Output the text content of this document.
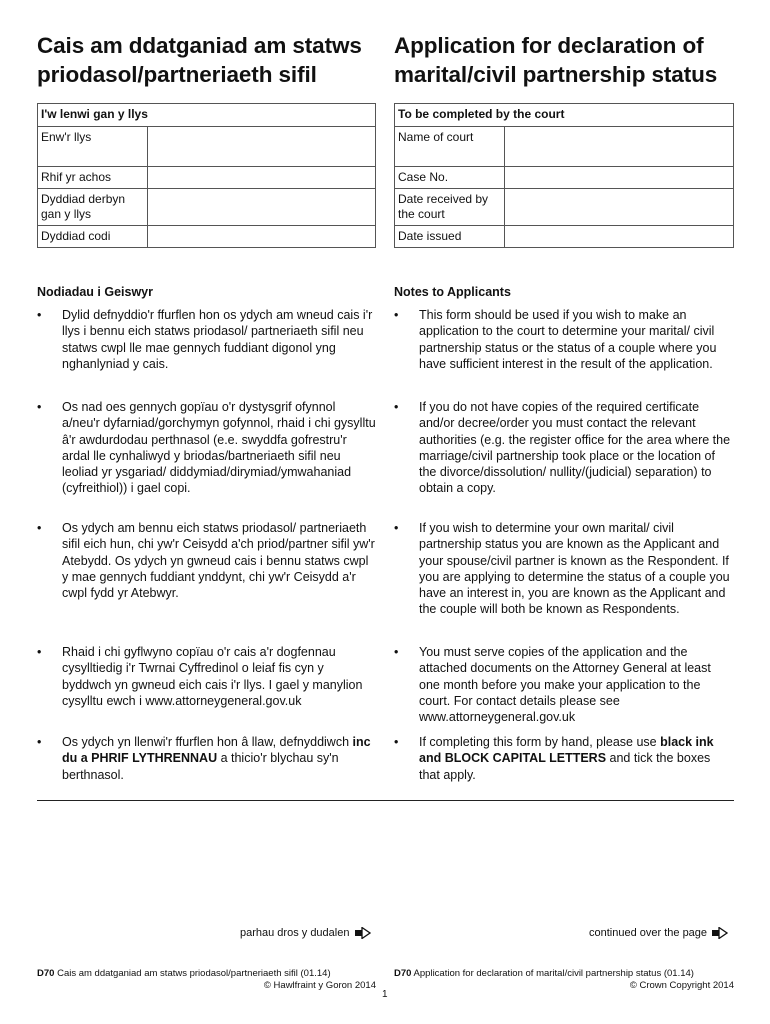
Cais am ddatganiad am statws
priodasol/partneriaeth sifil
I'w lenwi gan y llys	
Enw'r llys	
Rhif yr achos	
Dyddiad derbyn gan y llys	
Dyddiad codi	
Nodiadau i Geiswyr
• Dylid defnyddio'r ffurflen hon os ydych am wneud cais i'r llys i bennu eich statws priodasol/ partneriaeth sifil neu statws cwpl lle mae gennych fuddiant digonol yng nghanlyniad y cais.
• Os nad oes gennych gopïau o'r dystysgrif ofynnol a/neu'r dyfarniad/gorchymyn gofynnol, rhaid i chi gysylltu â'r awdurdodau perthnasol (e.e. swyddfa gofrestru'r ardal lle cynhaliwyd y briodas/bartneriaeth sifil neu leoliad yr ysgariad/ diddymiad/dirymiad/ymwahaniad (cyfreithiol)) i gael copi.
• Os ydych am bennu eich statws priodasol/ partneriaeth sifil eich hun, chi yw'r Ceisydd a'ch priod/partner sifil yw'r Atebydd. Os ydych yn gwneud cais i bennu statws cwpl y mae gennych fuddiant ynddynt, chi yw'r Ceisydd a'r cwpl fydd yr Atebwyr.
• Rhaid i chi gyflwyno copïau o'r cais a'r dogfennau cysylltiedig i'r Twrnai Cyffredinol o leiaf fis cyn y byddwch yn gwneud eich cais i'r llys. I gael y manylion cysylltu ewch i www.attorneygeneral.gov.uk
• Os ydych yn llenwi'r ffurflen hon â llaw, defnyddiwch inc du a PHRIF LYTHRENNAU a thicio'r blychau sy'n berthnasol.
Application for declaration of
marital/civil partnership status
To be completed by the court	
Name of court	
Case No.	
Date received by the court	
Date issued	
Notes to Applicants
• This form should be used if you wish to make an application to the court to determine your marital/ civil partnership status or the status of a couple where you have sufficient interest in the result of the application.
• If you do not have copies of the required certificate and/or decree/order you must contact the relevant authorities (e.g. the register office for the area where the marriage/civil partnership took place or the location of the divorce/dissolution/ nullity/(judicial) separation) to obtain a copy.
• If you wish to determine your own marital/ civil partnership status you are known as the Applicant and your spouse/civil partner is known as the Respondent. If you are applying to determine the status of a couple you have an interest in, you are known as the Applicant and the couple will both be known as Respondents.
• You must serve copies of the application and the attached documents on the Attorney General at least one month before you make your application to the court. For contact details please see www.attorneygeneral.gov.uk
• If completing this form by hand, please use black ink and BLOCK CAPITAL LETTERS and tick the boxes that apply.
parhau dros y dudalen	continued over the page
D70 Cais am ddatganiad am statws priodasol/partneriaeth sifil (01.14)
© Hawlfraint y Goron 2014
D70 Application for declaration of marital/civil partnership status (01.14)
© Crown Copyright 2014
1
